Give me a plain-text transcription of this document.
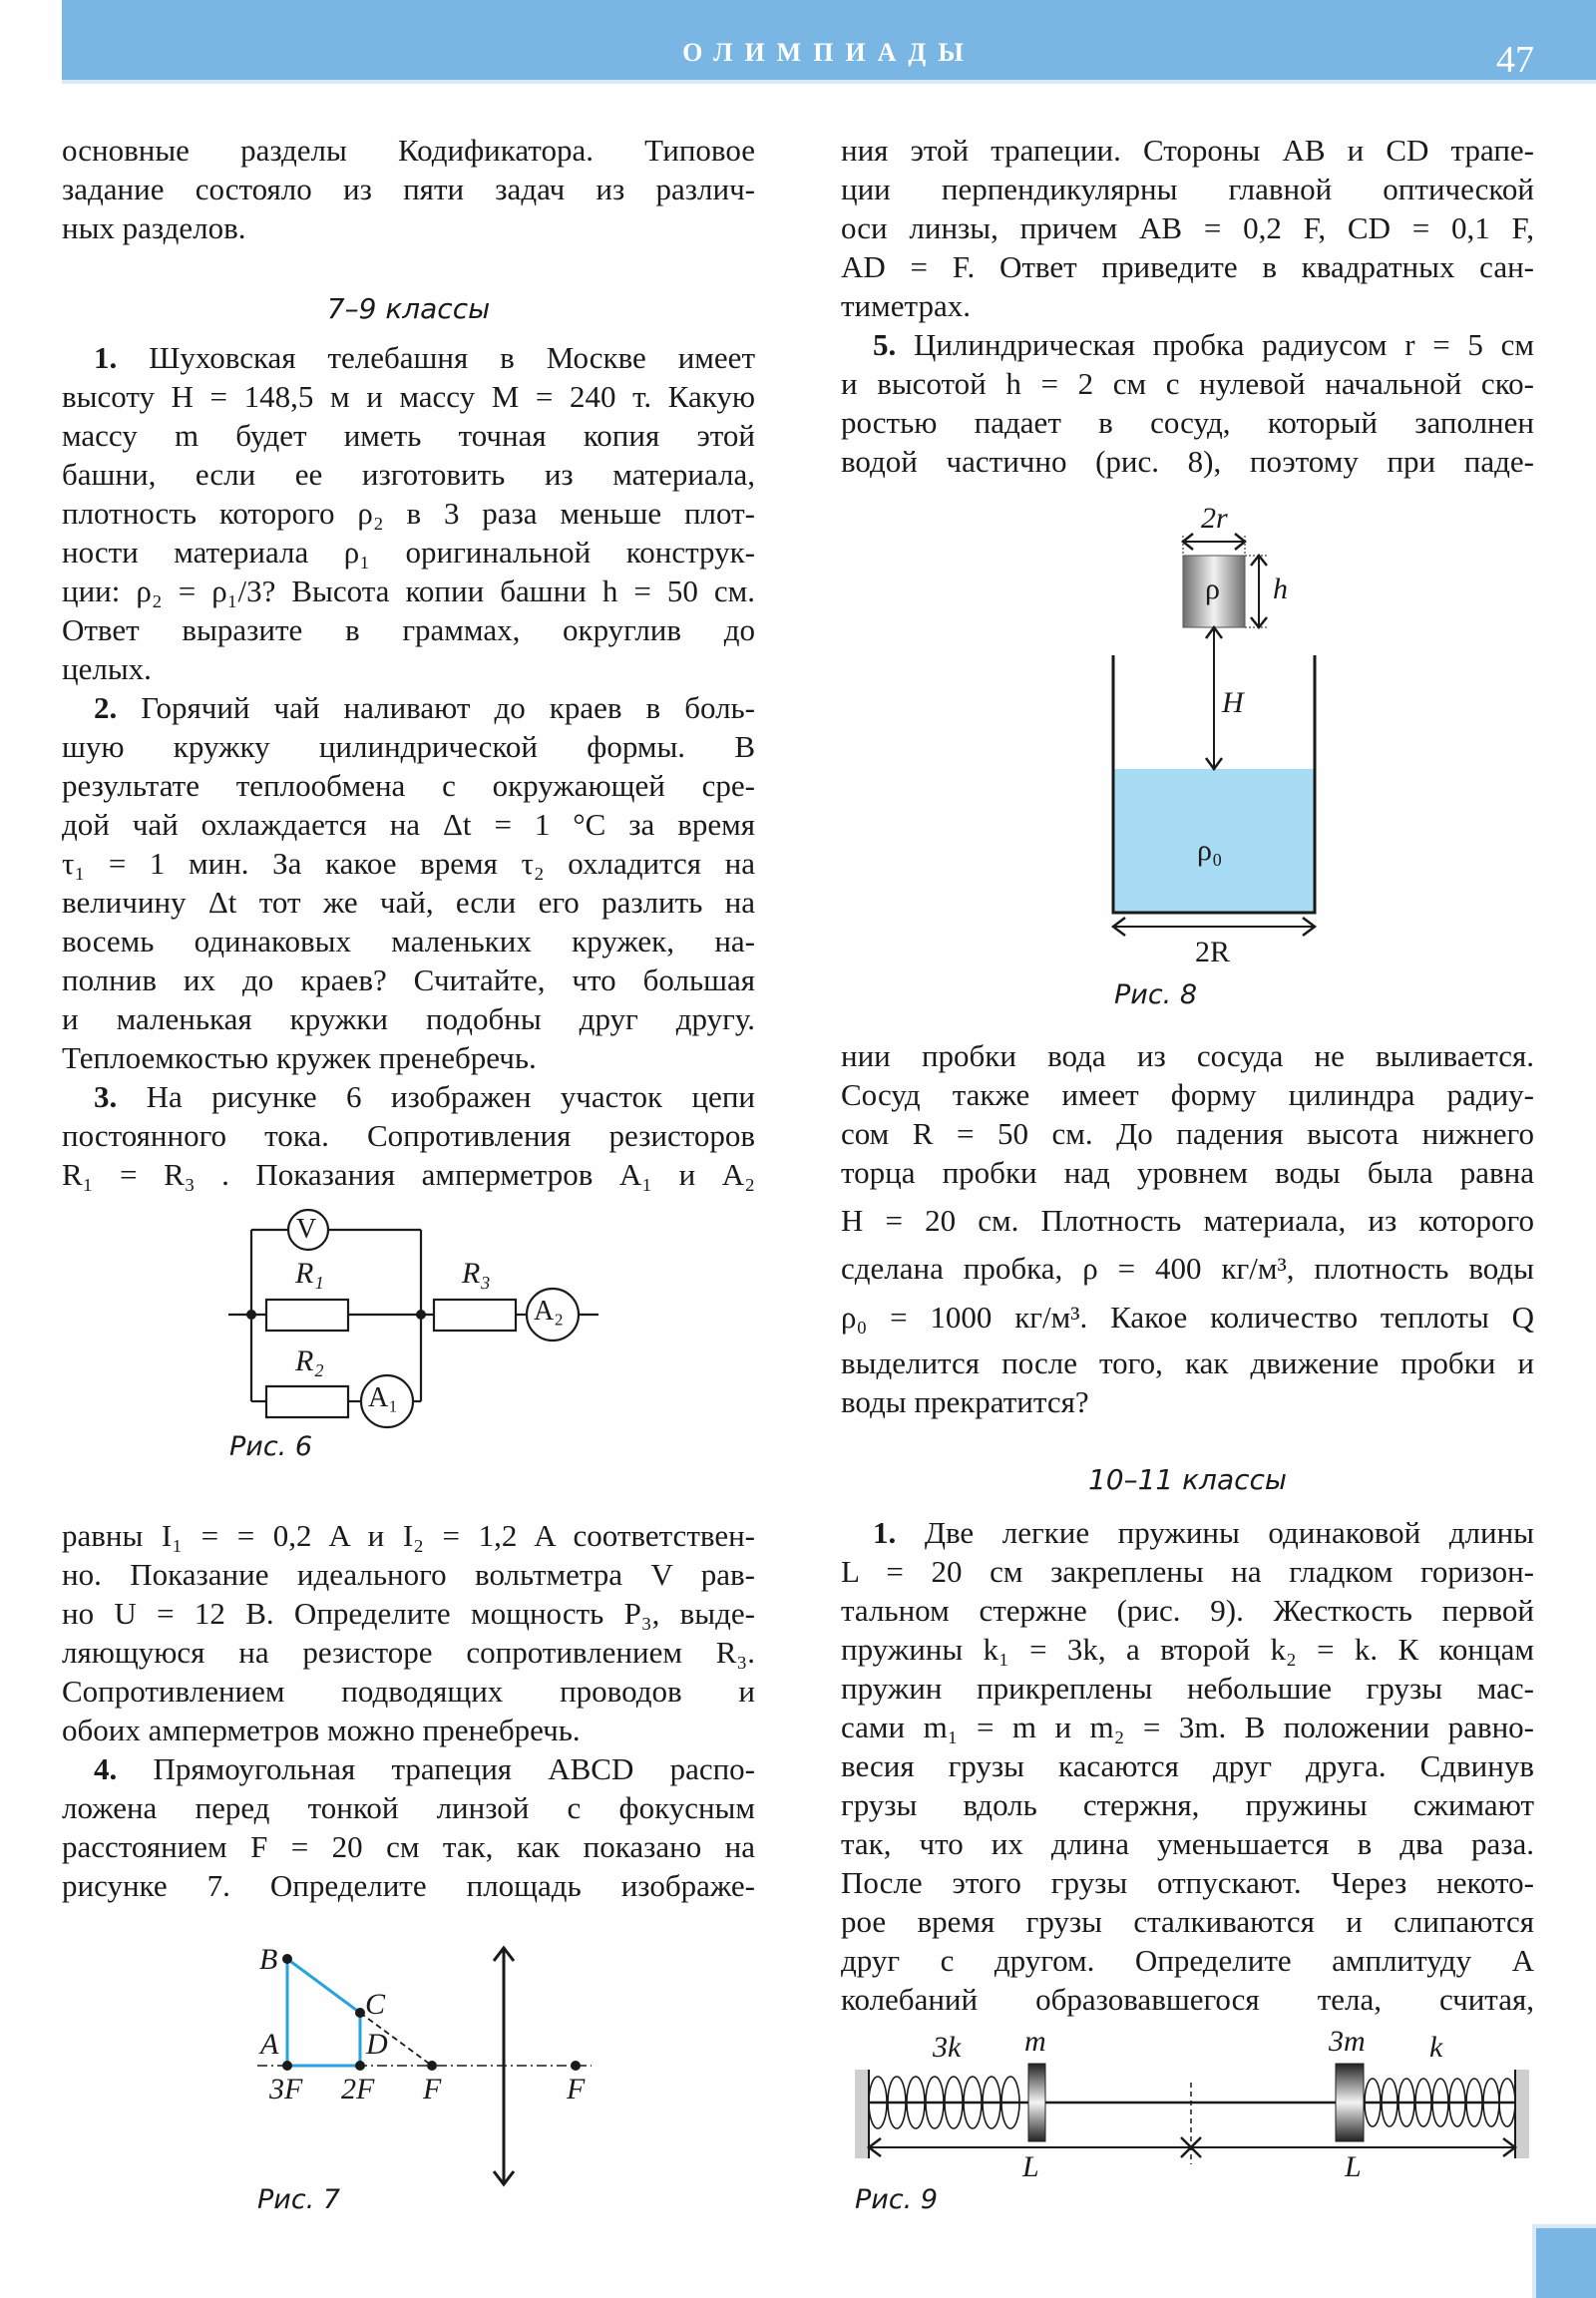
ОЛИМПИАДЫ	47
основные разделы Кодификатора. Типовое
задание состояло из пяти задач из различ-
ных разделов.
7–9 классы
1. Шуховская телебашня в Москве имеет
высоту H = 148,5 м и массу M = 240 т. Какую
массу m будет иметь точная копия этой
башни, если ее изготовить из материала,
плотность которого ρ₂ в 3 раза меньше плот-
ности материала ρ₁ оригинальной конструк-
ции: ρ₂ = ρ₁/3? Высота копии башни h = 50 см.
Ответ выразите в граммах, округлив до
целых.
2. Горячий чай наливают до краев в боль-
шую кружку цилиндрической формы. В
результате теплообмена с окружающей сре-
дой чай охлаждается на Δt = 1 °C за время
τ₁ = 1 мин. За какое время τ₂ охладится на
величину Δt тот же чай, если его разлить на
восемь одинаковых маленьких кружек, на-
полнив их до краев? Считайте, что большая
и маленькая кружки подобны друг другу.
Теплоемкостью кружек пренебречь.
3. На рисунке 6 изображен участок цепи
постоянного тока. Сопротивления резисторов
R₁ = R₃ . Показания амперметров A₁ и A₂
Рис. 6
равны I₁ = = 0,2 A и I₂ = 1,2 A соответствен-
но. Показание идеального вольтметра V рав-
но U = 12 В. Определите мощность P₃, выде-
ляющуюся на резисторе сопротивлением R₃.
Сопротивлением подводящих проводов и
обоих амперметров можно пренебречь.
4. Прямоугольная трапеция ABCD распо-
ложена перед тонкой линзой с фокусным
расстоянием F = 20 см так, как показано на
рисунке 7. Определите площадь изображе-
Рис. 7
V
R₁	R₃
R₂
A₂
A₁
B
C
A	D
3F 2F F	F
ния этой трапеции. Стороны AB и CD трапе-
ции перпендикулярны главной оптической
оси линзы, причем AB = 0,2 F, CD = 0,1 F,
AD = F. Ответ приведите в квадратных сан-
тиметрах.
5. Цилиндрическая пробка радиусом r = 5 см
и высотой h = 2 см с нулевой начальной ско-
ростью падает в сосуд, который заполнен
водой частично (рис. 8), поэтому при паде-
Рис. 8
нии пробки вода из сосуда не выливается.
Сосуд также имеет форму цилиндра радиу-
сом R = 50 см. До падения высота нижнего
торца пробки над уровнем воды была равна
H = 20 см. Плотность материала, из которого
сделана пробка, ρ = 400 кг/м³, плотность воды
ρ₀ = 1000 кг/м³. Какое количество теплоты Q
выделится после того, как движение пробки и
воды прекратится?
10–11 классы
1. Две легкие пружины одинаковой длины
L = 20 см закреплены на гладком горизон-
тальном стержне (рис. 9). Жесткость первой
пружины k₁ = 3k, а второй k₂ = k. К концам
пружин прикреплены небольшие грузы мас-
сами m₁ = m и m₂ = 3m. В положении равно-
весия грузы касаются друг друга. Сдвинув
грузы вдоль стержня, пружины сжимают
так, что их длина уменьшается в два раза.
После этого грузы отпускают. Через некото-
рое время грузы сталкиваются и слипаются
друг с другом. Определите амплитуду A
колебаний образовавшегося тела, считая,
Рис. 9
2r
ρ h
H
ρ₀
2R
3k m	3m k
L	L
